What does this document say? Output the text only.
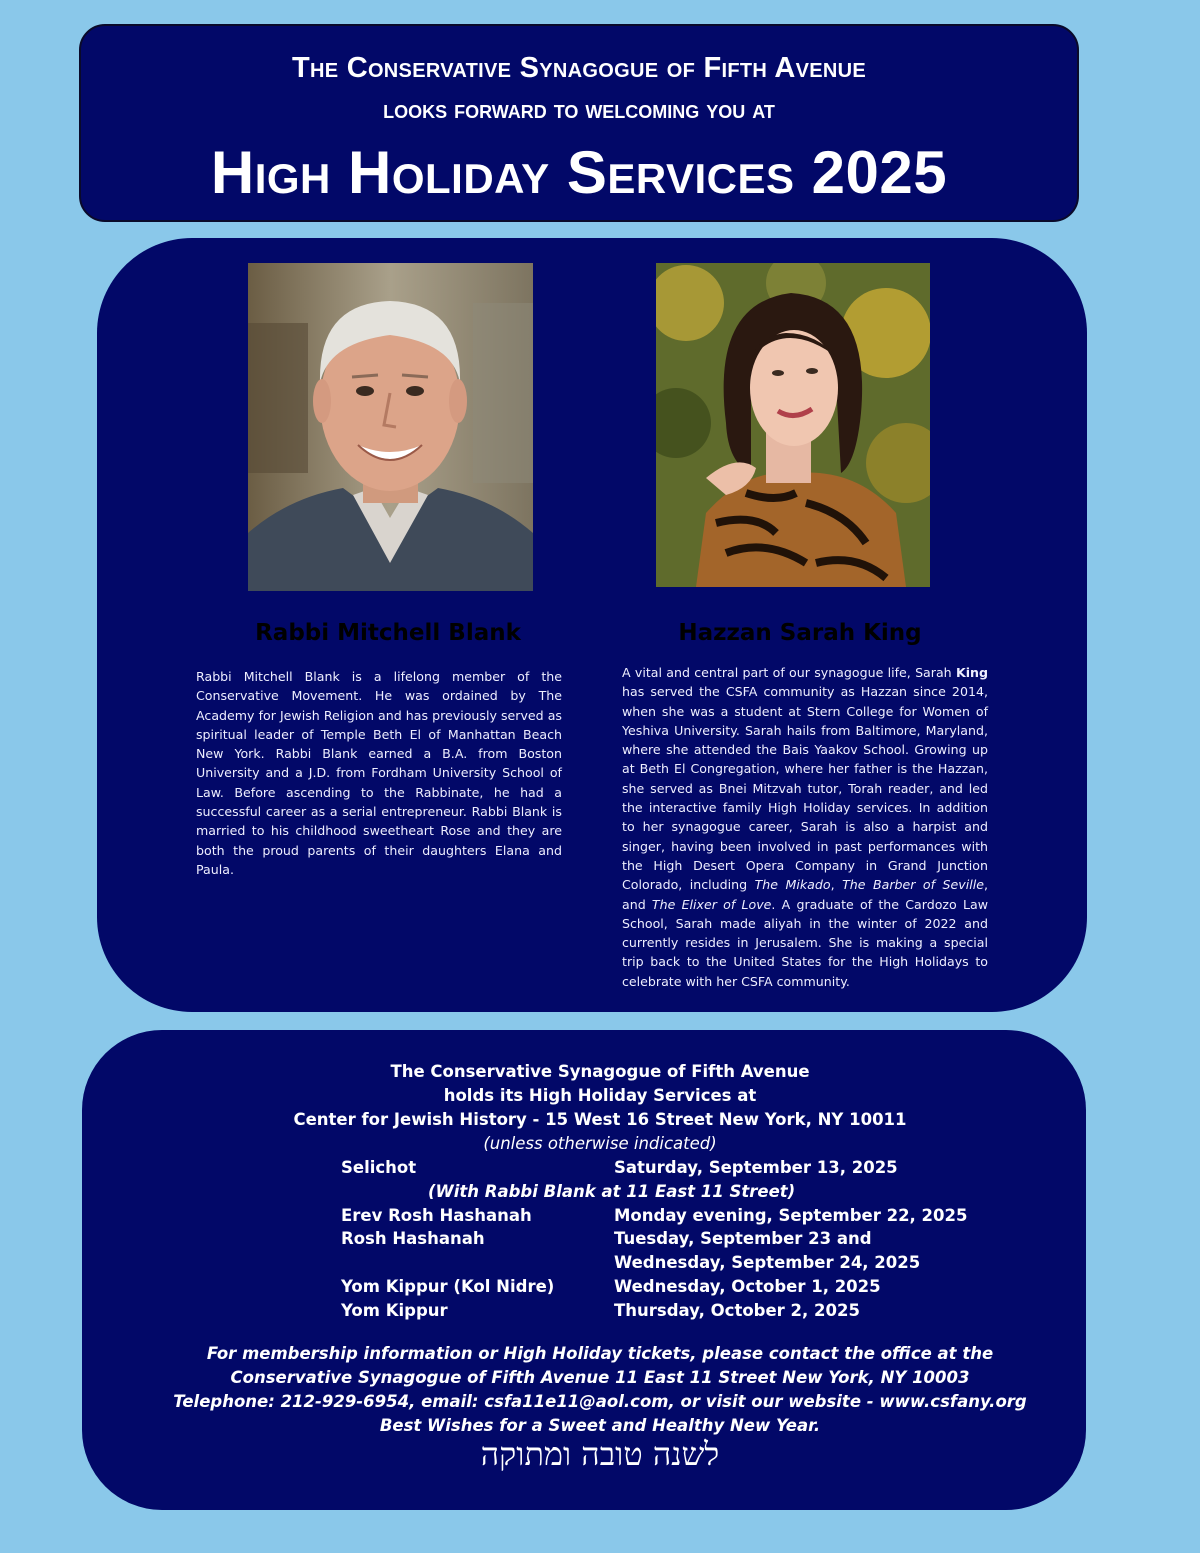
The Conservative Synagogue of Fifth Avenue
looks forward to welcoming you at
High Holiday Services 2025
Rabbi Mitchell Blank	Hazzan Sarah King
Rabbi Mitchell Blank is a lifelong member of the Conservative Movement. He was ordained by The Academy for Jewish Religion and has previously served as spiritual leader of Temple Beth El of Manhattan Beach New York. Rabbi Blank earned a B.A. from Boston University and a J.D. from Fordham University School of Law. Before ascending to the Rabbinate, he had a successful career as a serial entrepreneur. Rabbi Blank is married to his childhood sweetheart Rose and they are both the proud parents of their daughters Elana and Paula.
A vital and central part of our synagogue life, Sarah King has served the CSFA community as Hazzan since 2014, when she was a student at Stern College for Women of Yeshiva University. Sarah hails from Baltimore, Maryland, where she attended the Bais Yaakov School. Growing up at Beth El Congregation, where her father is the Hazzan, she served as Bnei Mitzvah tutor, Torah reader, and led the interactive family High Holiday services. In addition to her synagogue career, Sarah is also a harpist and singer, having been involved in past performances with the High Desert Opera Company in Grand Junction Colorado, including The Mikado, The Barber of Seville, and The Elixer of Love. A graduate of the Cardozo Law School, Sarah made aliyah in the winter of 2022 and currently resides in Jerusalem. She is making a special trip back to the United States for the High Holidays to celebrate with her CSFA community.
The Conservative Synagogue of Fifth Avenue
holds its High Holiday Services at
Center for Jewish History - 15 West 16 Street New York, NY 10011
(unless otherwise indicated)
Selichot	Saturday, September 13, 2025
(With Rabbi Blank at 11 East 11 Street)
Erev Rosh Hashanah	Monday evening, September 22, 2025
Rosh Hashanah	Tuesday, September 23 and
Wednesday, September 24, 2025
Yom Kippur (Kol Nidre)	Wednesday, October 1, 2025
Yom Kippur	Thursday, October 2, 2025
For membership information or High Holiday tickets, please contact the office at the
Conservative Synagogue of Fifth Avenue 11 East 11 Street New York, NY 10003
Telephone: 212-929-6954, email: csfa11e11@aol.com, or visit our website - www.csfany.org
Best Wishes for a Sweet and Healthy New Year.
לשנה טובה ומתוקה
